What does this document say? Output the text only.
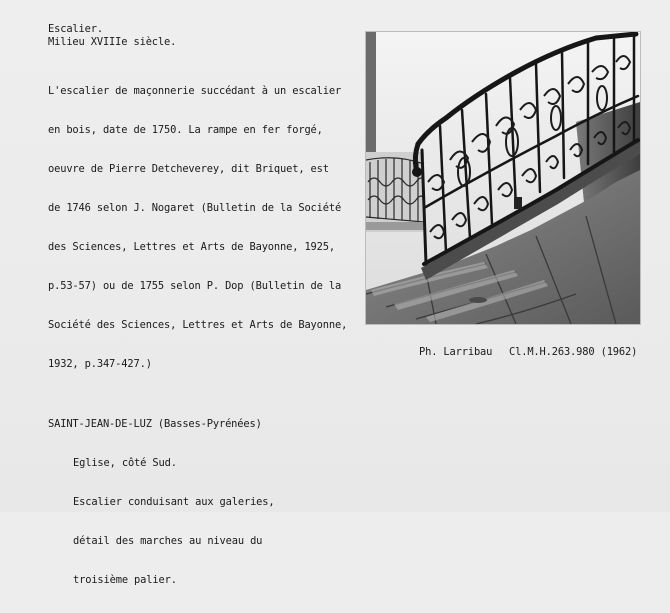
Escalier.
Milieu XVIIIe siècle.

L'escalier de maçonnerie succédant à un escalier

en bois, date de 1750. La rampe en fer forgé,

oeuvre de Pierre Detcheverey, dit Briquet, est

de 1746 selon J. Nogaret (Bulletin de la Société

des Sciences, Lettres et Arts de Bayonne, 1925,

p.53-57) ou de 1755 selon P. Dop (Bulletin de la

Société des Sciences, Lettres et Arts de Bayonne,

1932, p.347-427.)

Ph. Larribau Cl.M.H.263.980 (1962)
SAINT-JEAN-DE-LUZ (Basses-Pyrénées)

Eglise, côté Sud.

Escalier conduisant aux galeries,

détail des marches au niveau du

troisième palier.
